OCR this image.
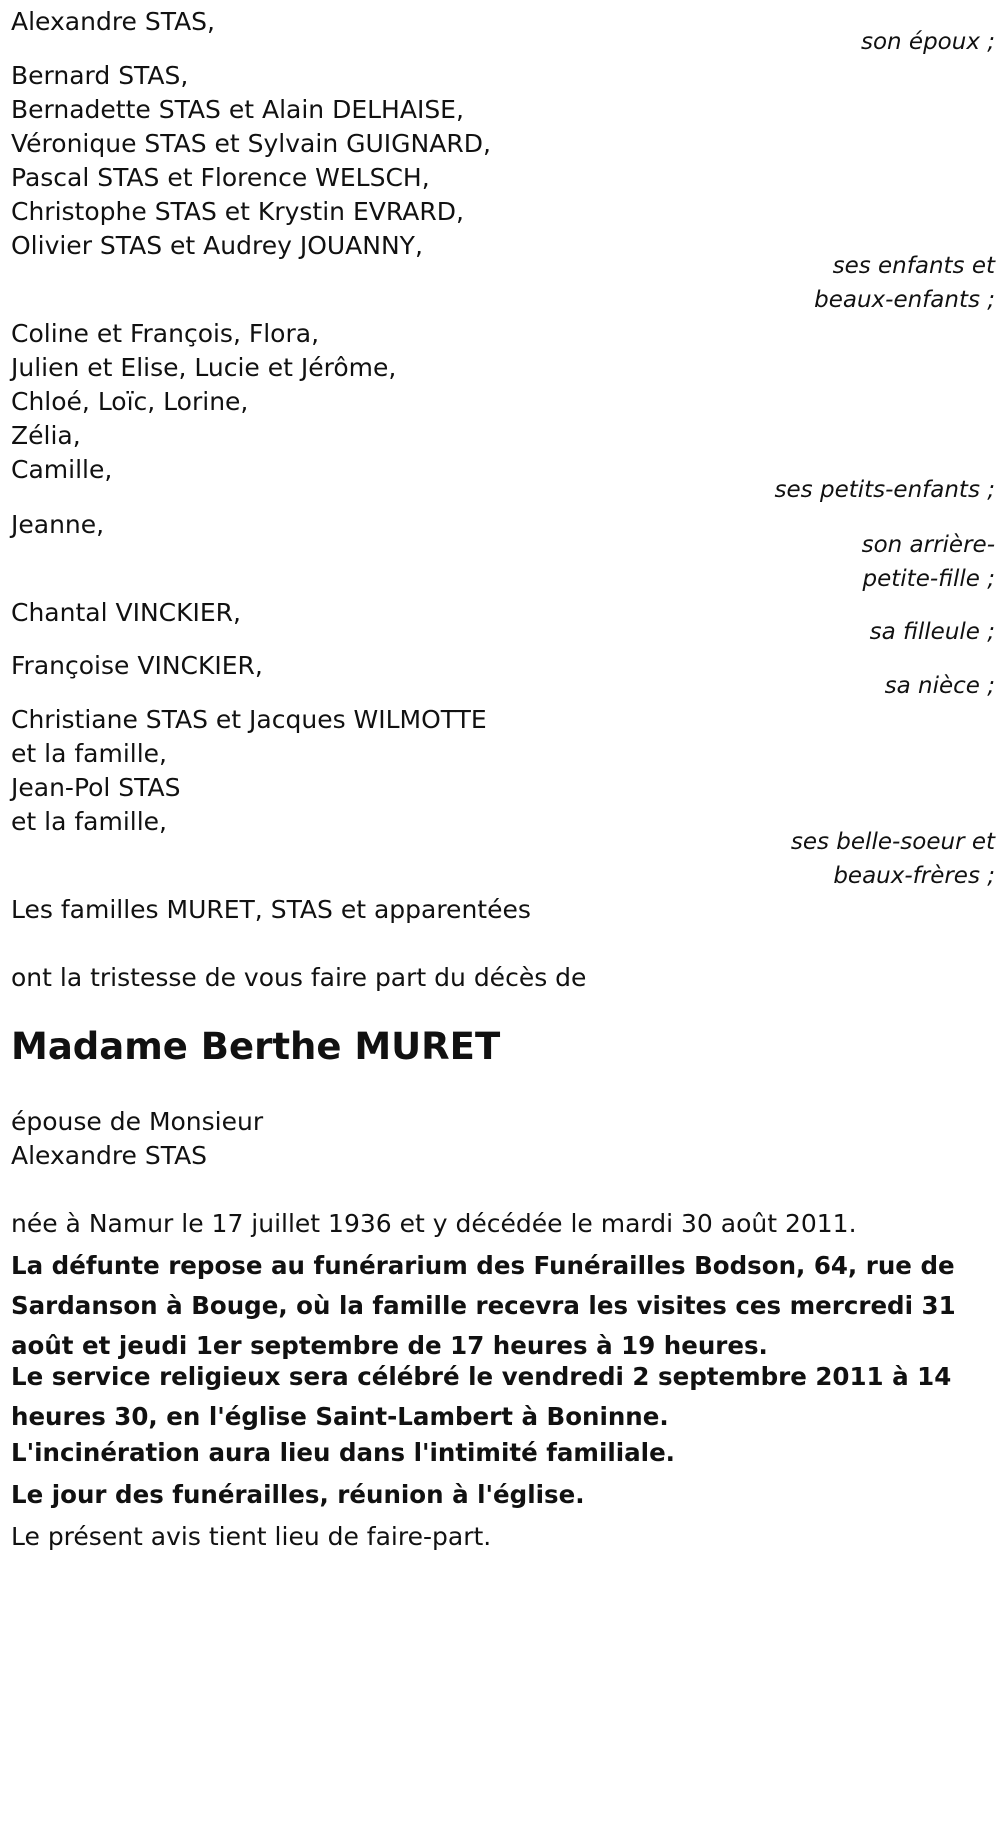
Alexandre STAS,
son époux ;
Bernard STAS,
Bernadette STAS et Alain DELHAISE,
Véronique STAS et Sylvain GUIGNARD,
Pascal STAS et Florence WELSCH,
Christophe STAS et Krystin EVRARD,
Olivier STAS et Audrey JOUANNY,
ses enfants et
beaux-enfants ;
Coline et François, Flora,
Julien et Elise, Lucie et Jérôme,
Chloé, Loïc, Lorine,
Zélia,
Camille,
ses petits-enfants ;
Jeanne,
son arrière-
petite-fille ;
Chantal VINCKIER,
sa filleule ;
Françoise VINCKIER,
sa nièce ;
Christiane STAS et Jacques WILMOTTE
et la famille,
Jean-Pol STAS
et la famille,
ses belle-soeur et
beaux-frères ;
Les familles MURET, STAS et apparentées
ont la tristesse de vous faire part du décès de
Madame Berthe MURET
épouse de Monsieur
Alexandre STAS
née à Namur le 17 juillet 1936 et y décédée le mardi 30 août 2011.
La défunte repose au funérarium des Funérailles Bodson, 64, rue de Sardanson à Bouge, où la famille recevra les visites ces mercredi 31 août et jeudi 1er septembre de 17 heures à 19 heures.
Le service religieux sera célébré le vendredi 2 septembre 2011 à 14 heures 30, en l'église Saint-Lambert à Boninne.
L'incinération aura lieu dans l'intimité familiale.
Le jour des funérailles, réunion à l'église.
Le présent avis tient lieu de faire-part.
